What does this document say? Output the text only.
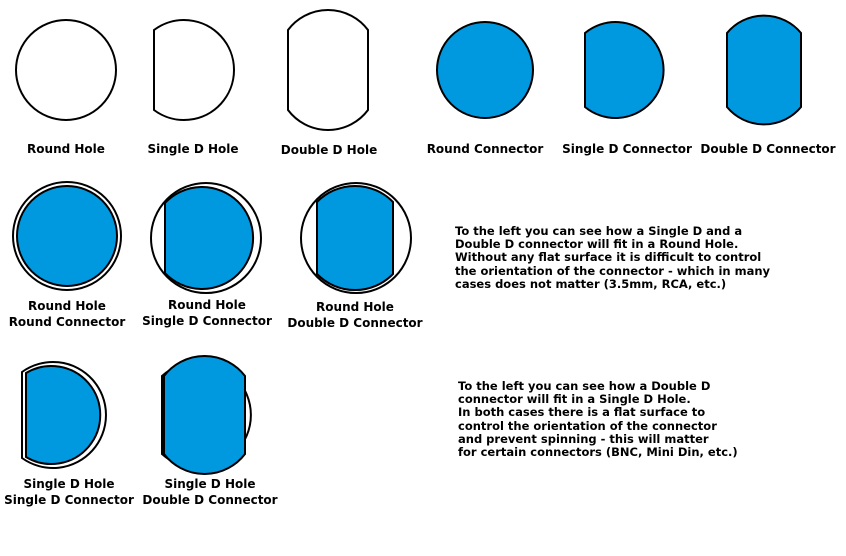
Round Hole	Single D Hole	Double D Hole	Round Connector Single D Connector Double D Connector
Round Hole
Round Connector
Round Hole
Single D Connector
Round Hole
Double D Connector
To the left you can see how a Single D and a
Double D connector will fit in a Round Hole.
Without any flat surface it is difficult to control
the orientation of the connector - which in many
cases does not matter (3.5mm, RCA, etc.)
Single D Hole
Single D Connector
Single D Hole
Double D Connector
To the left you can see how a Double D
connector will fit in a Single D Hole.
In both cases there is a flat surface to
control the orientation of the connector
and prevent spinning - this will matter
for certain connectors (BNC, Mini Din, etc.)
